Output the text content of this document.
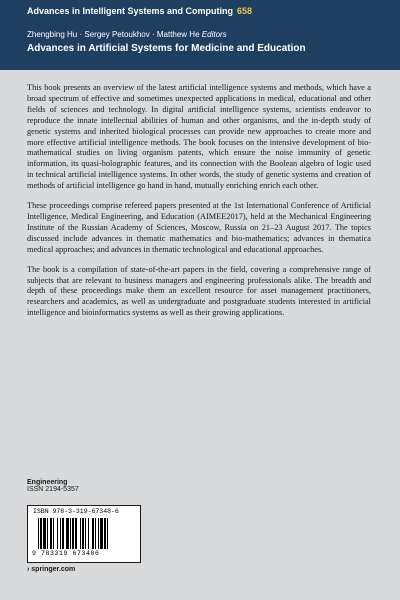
Advances in Intelligent Systems and Computing 658
Zhengbing Hu · Sergey Petoukhov · Matthew He Editors
Advances in Artificial Systems for Medicine and Education

This book presents an overview of the latest artificial intelligence systems and methods, which have a broad spectrum of effective and sometimes unexpected applications in medical, educational and other fields of sciences and technology. In digital artificial intelligence systems, scientists endeavor to reproduce the innate intellectual abilities of human and other organisms, and the in-depth study of genetic systems and inherited biological processes can provide new approaches to create more and more effective artificial intelligence methods. The book focuses on the intensive development of bio-mathematical studies on living organism patents, which ensure the noise immunity of genetic information, its quasi-holographic features, and its connection with the Boolean algebra of logic used in technical artificial intelligence systems. In other words, the study of genetic systems and creation of methods of artificial intelligence go hand in hand, mutually enriching enrich each other.

These proceedings comprise refereed papers presented at the 1st International Conference of Artificial Intelligence, Medical Engineering, and Education (AIMEE2017), held at the Mechanical Engineering Institute of the Russian Academy of Sciences, Moscow, Russia on 21–23 August 2017. The topics discussed include advances in thematic mathematics and bio-mathematics; advances in thematica medical approaches; and advances in thematic technological and educational approaches.

The book is a compilation of state-of-the-art papers in the field, covering a comprehensive range of subjects that are relevant to business managers and engineering professionals alike. The breadth and depth of these proceedings make them an excellent resource for asset management practitioners, researchers and academics, as well as undergraduate and postgraduate students interested in artificial intelligence and bioinformatics systems as well as their growing applications.

Engineering
ISSN 2194-5357
ISBN 978-3-319-67348-6
9 783319 673486
› springer.com
